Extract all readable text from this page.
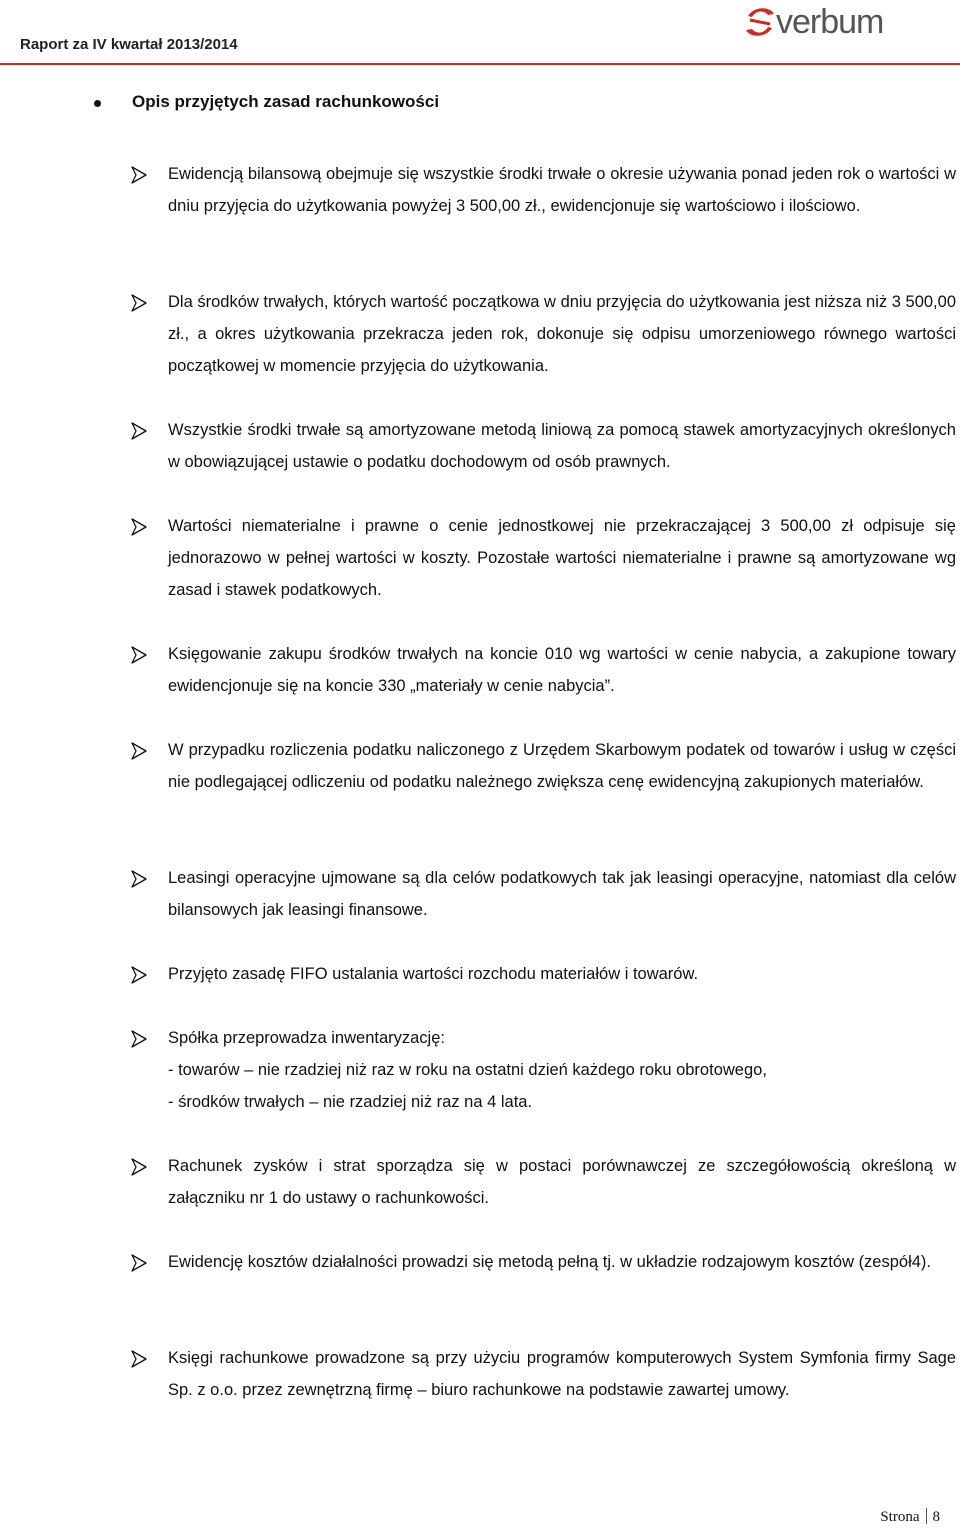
Raport za IV kwartał 2013/2014
verbum
Opis przyjętych zasad rachunkowości
Ewidencją bilansową obejmuje się wszystkie środki trwałe o okresie używania ponad jeden rok o wartości w dniu przyjęcia do użytkowania powyżej 3 500,00 zł., ewidencjonuje się wartościowo i ilościowo.
Dla środków trwałych, których wartość początkowa w dniu przyjęcia do użytkowania jest niższa niż 3 500,00 zł., a okres użytkowania przekracza jeden rok, dokonuje się odpisu umorzeniowego równego wartości początkowej w momencie przyjęcia do użytkowania.
Wszystkie środki trwałe są amortyzowane metodą liniową za pomocą stawek amortyzacyjnych określonych w obowiązującej ustawie o podatku dochodowym od osób prawnych.
Wartości niematerialne i prawne o cenie jednostkowej nie przekraczającej 3 500,00 zł odpisuje się jednorazowo w pełnej wartości w koszty. Pozostałe wartości niematerialne i prawne są amortyzowane wg zasad i stawek podatkowych.
Księgowanie zakupu środków trwałych na koncie 010 wg wartości w cenie nabycia, a zakupione towary ewidencjonuje się na koncie 330 „materiały w cenie nabycia”.
W przypadku rozliczenia podatku naliczonego z Urzędem Skarbowym podatek od towarów i usług w części nie podlegającej odliczeniu od podatku należnego zwiększa cenę ewidencyjną zakupionych materiałów.
Leasingi operacyjne ujmowane są dla celów podatkowych tak jak leasingi operacyjne, natomiast dla celów bilansowych jak leasingi finansowe.
Przyjęto zasadę FIFO ustalania wartości rozchodu materiałów i towarów.
Spółka przeprowadza inwentaryzację:
- towarów – nie rzadziej niż raz w roku na ostatni dzień każdego roku obrotowego,
- środków trwałych – nie rzadziej niż raz na 4 lata.
Rachunek zysków i strat sporządza się w postaci porównawczej ze szczegółowością określoną w załączniku nr 1 do ustawy o rachunkowości.
Ewidencję kosztów działalności prowadzi się metodą pełną tj. w układzie rodzajowym kosztów (zespół4).
Księgi rachunkowe prowadzone są przy użyciu programów komputerowych System Symfonia firmy Sage Sp. z o.o. przez zewnętrzną firmę – biuro rachunkowe na podstawie zawartej umowy.
Strona 8
